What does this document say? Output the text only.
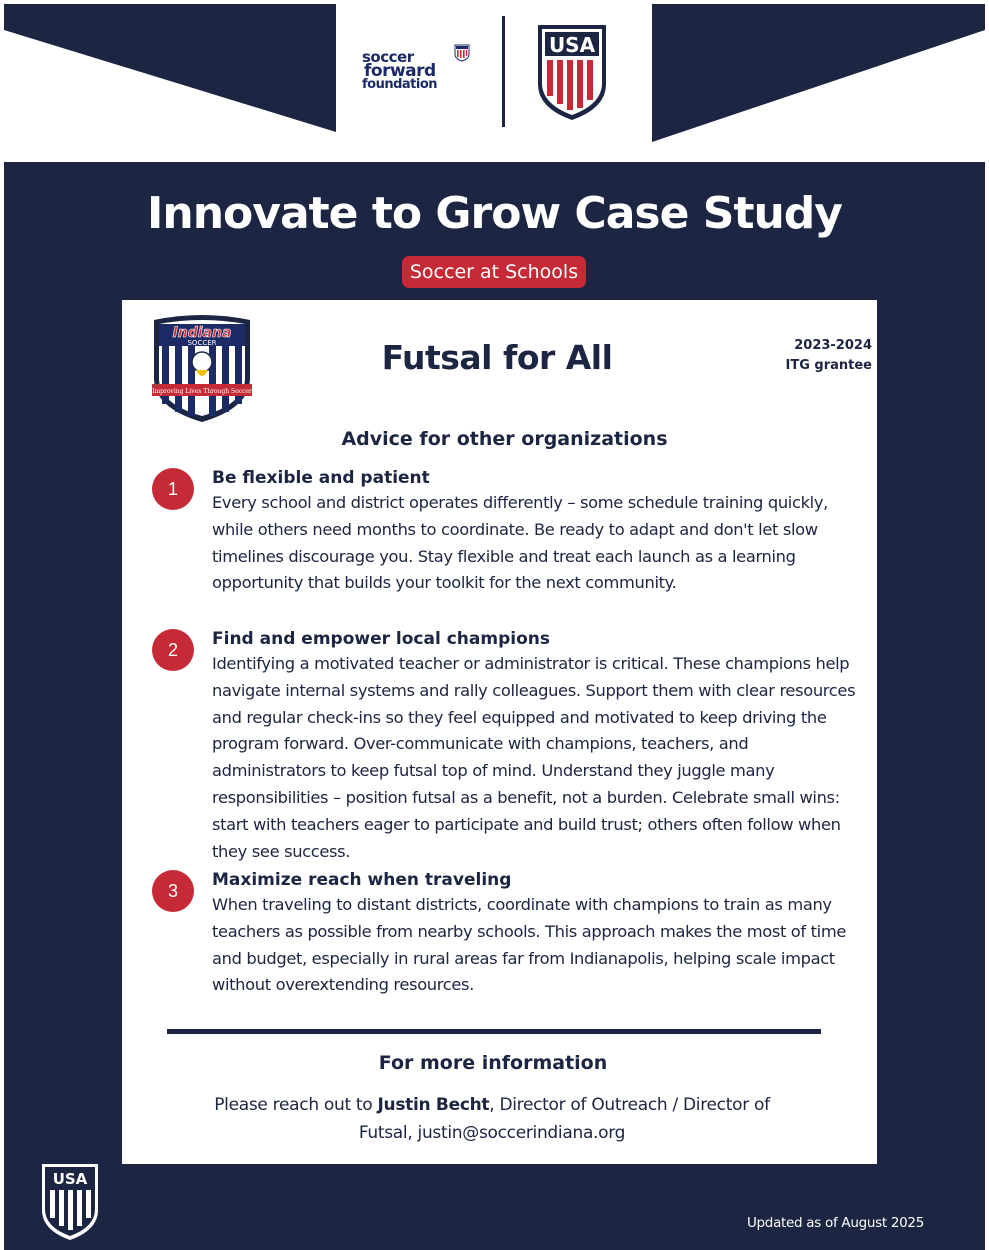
soccer
forward
foundation
USA
Innovate to Grow Case Study
Soccer at Schools
Indiana
SOCCER
Improving Lives Through Soccer
Futsal for All	2023-2024
ITG grantee
Advice for other organizations
1
Be flexible and patient
Every school and district operates differently – some schedule training quickly, while others need months to coordinate. Be ready to adapt and don't let slow timelines discourage you. Stay flexible and treat each launch as a learning opportunity that builds your toolkit for the next community.
2
Find and empower local champions
Identifying a motivated teacher or administrator is critical. These champions help navigate internal systems and rally colleagues. Support them with clear resources and regular check-ins so they feel equipped and motivated to keep driving the program forward. Over-communicate with champions, teachers, and administrators to keep futsal top of mind. Understand they juggle many responsibilities – position futsal as a benefit, not a burden. Celebrate small wins: start with teachers eager to participate and build trust; others often follow when they see success.
3
Maximize reach when traveling
When traveling to distant districts, coordinate with champions to train as many teachers as possible from nearby schools. This approach makes the most of time and budget, especially in rural areas far from Indianapolis, helping scale impact without overextending resources.
For more information
Please reach out to Justin Becht, Director of Outreach / Director of Futsal, justin@soccerindiana.org
USA
Updated as of August 2025
